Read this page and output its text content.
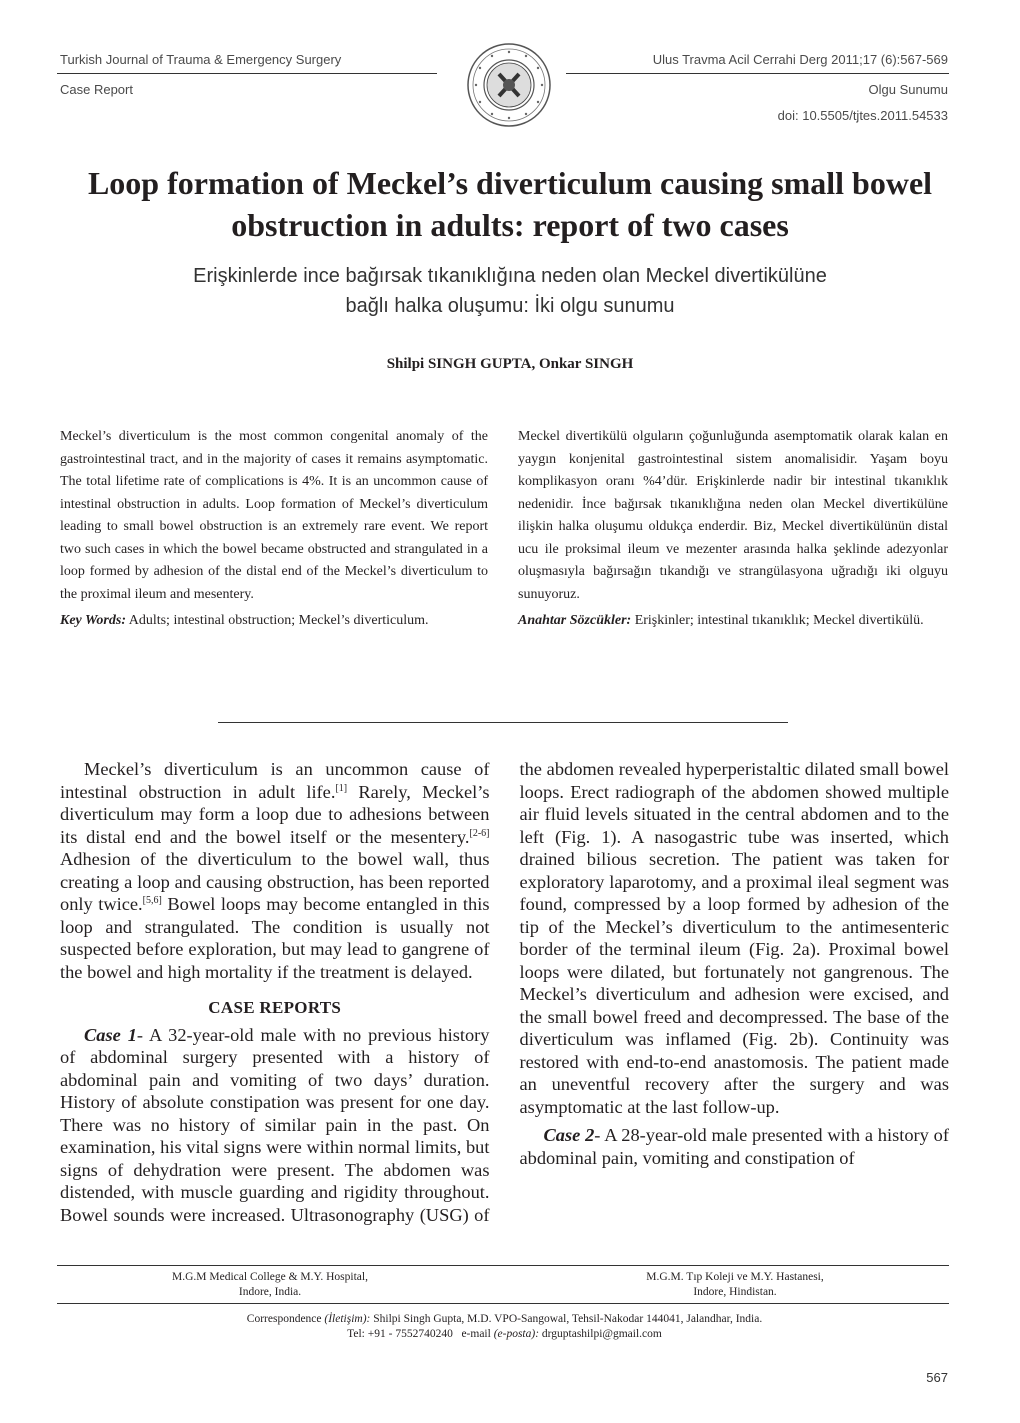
Turkish Journal of Trauma & Emergency Surgery
Case Report
Ulus Travma Acil Cerrahi Derg 2011;17 (6):567-569
Olgu Sunumu
doi: 10.5505/tjtes.2011.54533
Loop formation of Meckel’s diverticulum causing small bowel
obstruction in adults: report of two cases
Erişkinlerde ince bağırsak tıkanıklığına neden olan Meckel divertikülüne
bağlı halka oluşumu: İki olgu sunumu
Shilpi SINGH GUPTA, Onkar SINGH

Meckel’s diverticulum is the most common congenital anomaly of the gastrointestinal tract, and in the majority of cases it remains asymptomatic. The total lifetime rate of complications is 4%. It is an uncommon cause of intestinal obstruction in adults. Loop formation of Meckel’s diverticulum leading to small bowel obstruction is an extremely rare event. We report two such cases in which the bowel became obstructed and strangulated in a loop formed by adhesion of the distal end of the Meckel’s diverticulum to the proximal ileum and mesentery.

Key Words: Adults; intestinal obstruction; Meckel’s diverticulum.

Meckel divertikülü olguların çoğunluğunda asemptomatik olarak kalan en yaygın konjenital gastrointestinal sistem anomalisidir. Yaşam boyu komplikasyon oranı %4’dür. Erişkinlerde nadir bir intestinal tıkanıklık nedenidir. İnce bağırsak tıkanıklığına neden olan Meckel divertikülüne ilişkin halka oluşumu oldukça enderdir. Biz, Meckel divertikülünün distal ucu ile proksimal ileum ve mezenter arasında halka şeklinde adezyonlar oluşmasıyla bağırsağın tıkandığı ve strangülasyona uğradığı iki olguyu sunuyoruz.

Anahtar Sözcükler: Erişkinler; intestinal tıkanıklık; Meckel divertikülü.

Meckel’s diverticulum is an uncommon cause of intestinal obstruction in adult life.[1] Rarely, Meckel’s diverticulum may form a loop due to adhesions between its distal end and the bowel itself or the mesentery.[2-6] Adhesion of the diverticulum to the bowel wall, thus creating a loop and causing obstruction, has been reported only twice.[5,6] Bowel loops may become entangled in this loop and strangulated. The condition is usually not suspected before exploration, but may lead to gangrene of the bowel and high mortality if the treatment is delayed.

CASE REPORTS

Case 1- A 32-year-old male with no previous history of abdominal surgery presented with a history of abdominal pain and vomiting of two days’ duration. History of absolute constipation was present for one day. There was no history of similar pain in the past. On examination, his vital signs were within normal limits, but signs of dehydration were present. The abdomen was distended, with muscle guarding and rigidity throughout. Bowel sounds were increased. Ultrasonography (USG) of the abdomen revealed hyperperistaltic dilated small bowel loops. Erect radiograph of the abdomen showed multiple air fluid levels situated in the central abdomen and to the left (Fig. 1). A nasogastric tube was inserted, which drained bilious secretion. The patient was taken for exploratory laparotomy, and a proximal ileal segment was found, compressed by a loop formed by adhesion of the tip of the Meckel’s diverticulum to the antimesenteric border of the terminal ileum (Fig. 2a). Proximal bowel loops were dilated, but fortunately not gangrenous. The Meckel’s diverticulum and adhesion were excised, and the small bowel freed and decompressed. The base of the diverticulum was inflamed (Fig. 2b). Continuity was restored with end-to-end anastomosis. The patient made an uneventful recovery after the surgery and was asymptomatic at the last follow-up.

Case 2- A 28-year-old male presented with a history of abdominal pain, vomiting and constipation of

M.G.M Medical College & M.Y. Hospital,
Indore, India.
M.G.M. Tıp Koleji ve M.Y. Hastanesi,
Indore, Hindistan.
Correspondence (İletişim): Shilpi Singh Gupta, M.D. VPO-Sangowal, Tehsil-Nakodar 144041, Jalandhar, India.
Tel: +91 - 7552740240 e-mail (e-posta): drguptashilpi@gmail.com
567
